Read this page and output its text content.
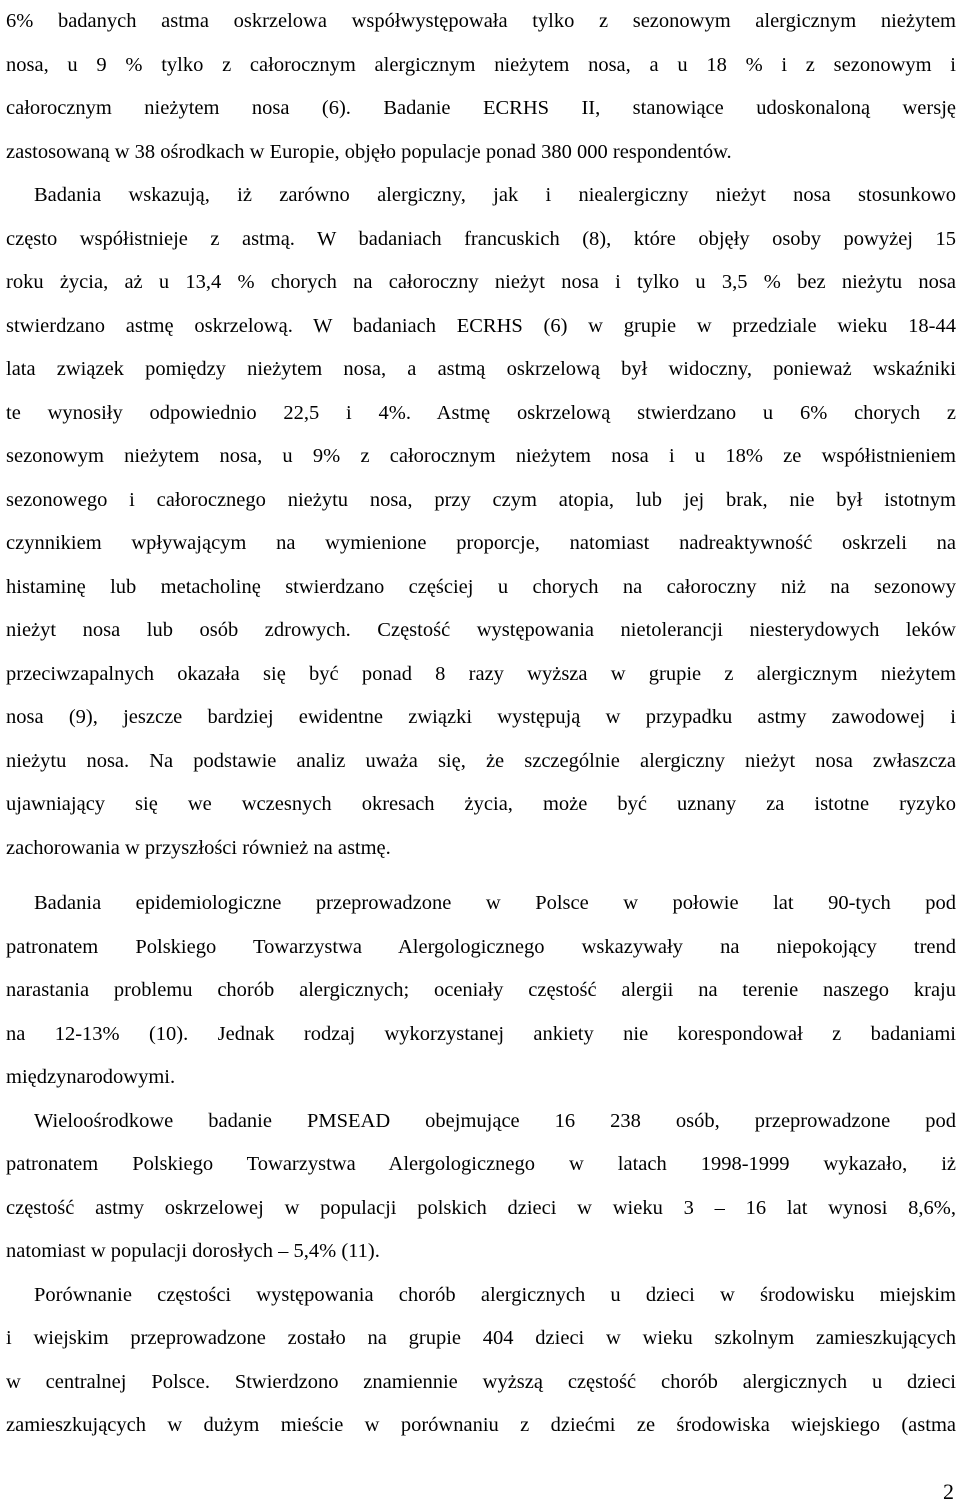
6% badanych astma oskrzelowa współwystępowała tylko z sezonowym alergicznym nieżytem
nosa, u 9 % tylko z całorocznym alergicznym nieżytem nosa, a u 18 % i z sezonowym i
całorocznym nieżytem nosa (6). Badanie ECRHS II, stanowiące udoskonaloną wersję
zastosowaną w 38 ośrodkach w Europie, objęło populacje ponad 380 000 respondentów.
Badania wskazują, iż zarówno alergiczny, jak i niealergiczny nieżyt nosa stosunkowo
często współistnieje z astmą. W badaniach francuskich (8), które objęły osoby powyżej 15
roku życia, aż u 13,4 % chorych na całoroczny nieżyt nosa i tylko u 3,5 % bez nieżytu nosa
stwierdzano astmę oskrzelową. W badaniach ECRHS (6) w grupie w przedziale wieku 18-44
lata związek pomiędzy nieżytem nosa, a astmą oskrzelową był widoczny, ponieważ wskaźniki
te wynosiły odpowiednio 22,5 i 4%. Astmę oskrzelową stwierdzano u 6% chorych z
sezonowym nieżytem nosa, u 9% z całorocznym nieżytem nosa i u 18% ze współistnieniem
sezonowego i całorocznego nieżytu nosa, przy czym atopia, lub jej brak, nie był istotnym
czynnikiem wpływającym na wymienione proporcje, natomiast nadreaktywność oskrzeli na
histaminę lub metacholinę stwierdzano częściej u chorych na całoroczny niż na sezonowy
nieżyt nosa lub osób zdrowych. Częstość występowania nietolerancji niesterydowych leków
przeciwzapalnych okazała się być ponad 8 razy wyższa w grupie z alergicznym nieżytem
nosa (9), jeszcze bardziej ewidentne związki występują w przypadku astmy zawodowej i
nieżytu nosa. Na podstawie analiz uważa się, że szczególnie alergiczny nieżyt nosa zwłaszcza
ujawniający się we wczesnych okresach życia, może być uznany za istotne ryzyko
zachorowania w przyszłości również na astmę.
Badania epidemiologiczne przeprowadzone w Polsce w połowie lat 90-tych pod
patronatem Polskiego Towarzystwa Alergologicznego wskazywały na niepokojący trend
narastania problemu chorób alergicznych; oceniały częstość alergii na terenie naszego kraju
na 12-13% (10). Jednak rodzaj wykorzystanej ankiety nie korespondował z badaniami
międzynarodowymi.
Wieloośrodkowe badanie PMSEAD obejmujące 16 238 osób, przeprowadzone pod
patronatem Polskiego Towarzystwa Alergologicznego w latach 1998-1999 wykazało, iż
częstość astmy oskrzelowej w populacji polskich dzieci w wieku 3 – 16 lat wynosi 8,6%,
natomiast w populacji dorosłych – 5,4% (11).
Porównanie częstości występowania chorób alergicznych u dzieci w środowisku miejskim
i wiejskim przeprowadzone zostało na grupie 404 dzieci w wieku szkolnym zamieszkujących
w centralnej Polsce. Stwierdzono znamiennie wyższą częstość chorób alergicznych u dzieci
zamieszkujących w dużym mieście w porównaniu z dziećmi ze środowiska wiejskiego (astma
2
